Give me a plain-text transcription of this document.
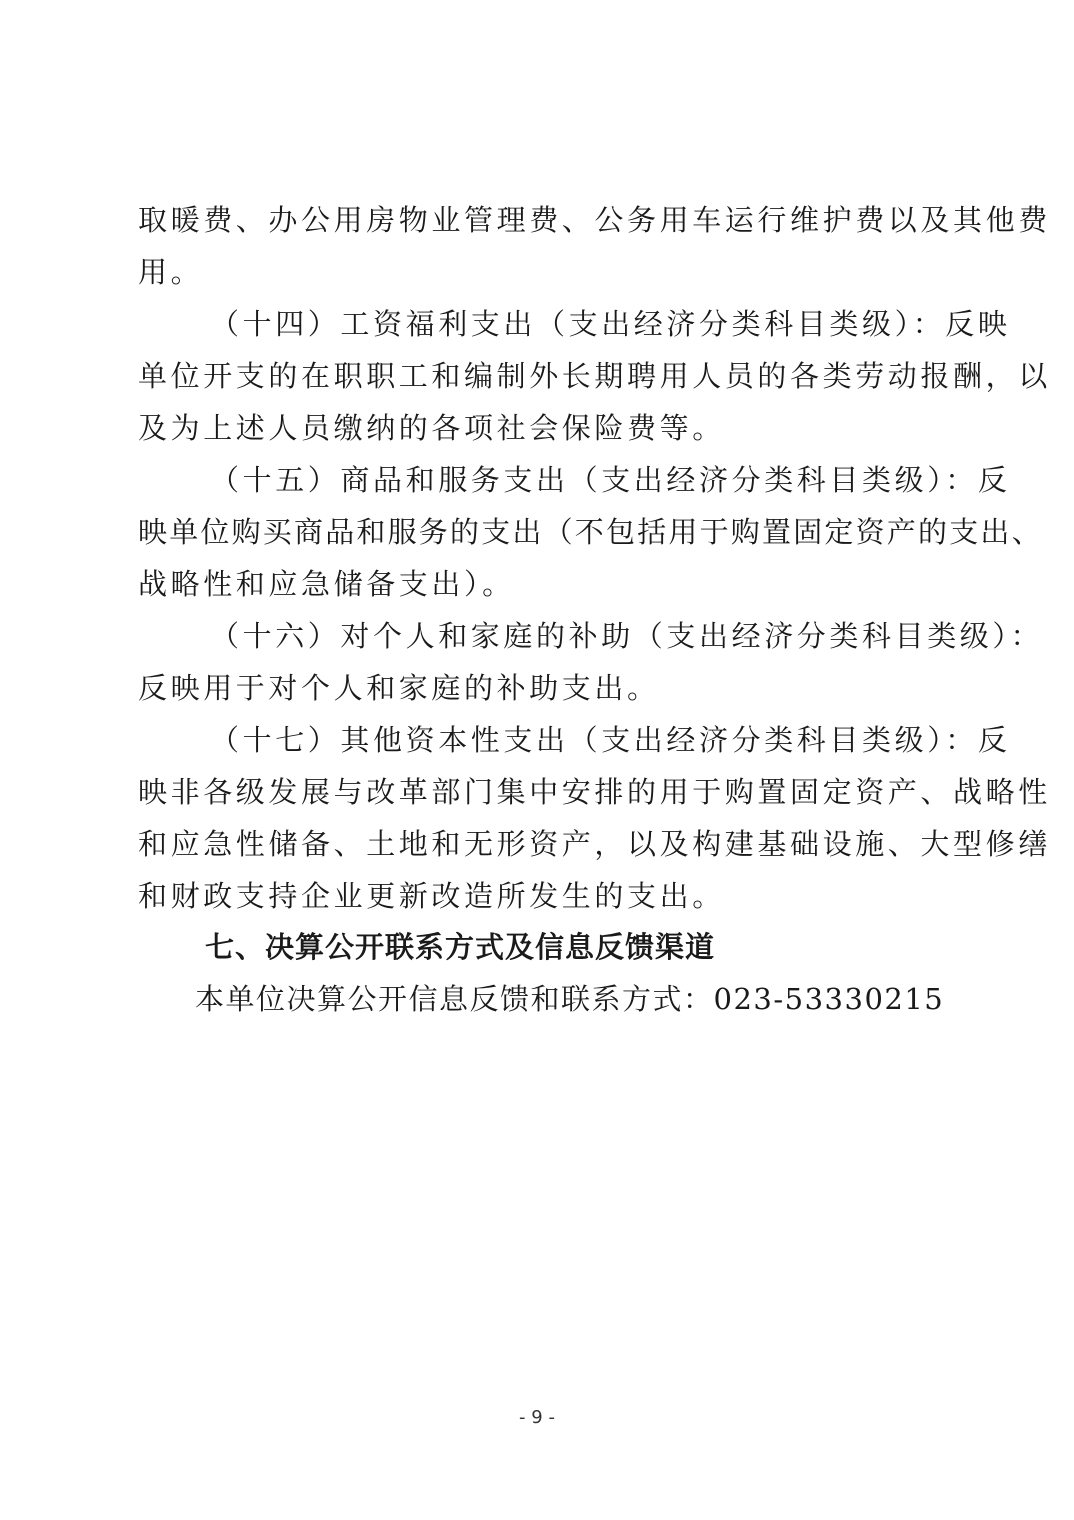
取暖费、办公用房物业管理费、公务用车运行维护费以及其他费
用。
（十四）工资福利支出（支出经济分类科目类级）：反映
单位开支的在职职工和编制外长期聘用人员的各类劳动报酬，以
及为上述人员缴纳的各项社会保险费等。
（十五）商品和服务支出（支出经济分类科目类级）：反
映单位购买商品和服务的支出（不包括用于购置固定资产的支出、
战略性和应急储备支出）。
（十六）对个人和家庭的补助（支出经济分类科目类级）：
反映用于对个人和家庭的补助支出。
（十七）其他资本性支出（支出经济分类科目类级）：反
映非各级发展与改革部门集中安排的用于购置固定资产、战略性
和应急性储备、土地和无形资产，以及构建基础设施、大型修缮
和财政支持企业更新改造所发生的支出。
七、决算公开联系方式及信息反馈渠道
本单位决算公开信息反馈和联系方式：023-53330215
- 9 -
